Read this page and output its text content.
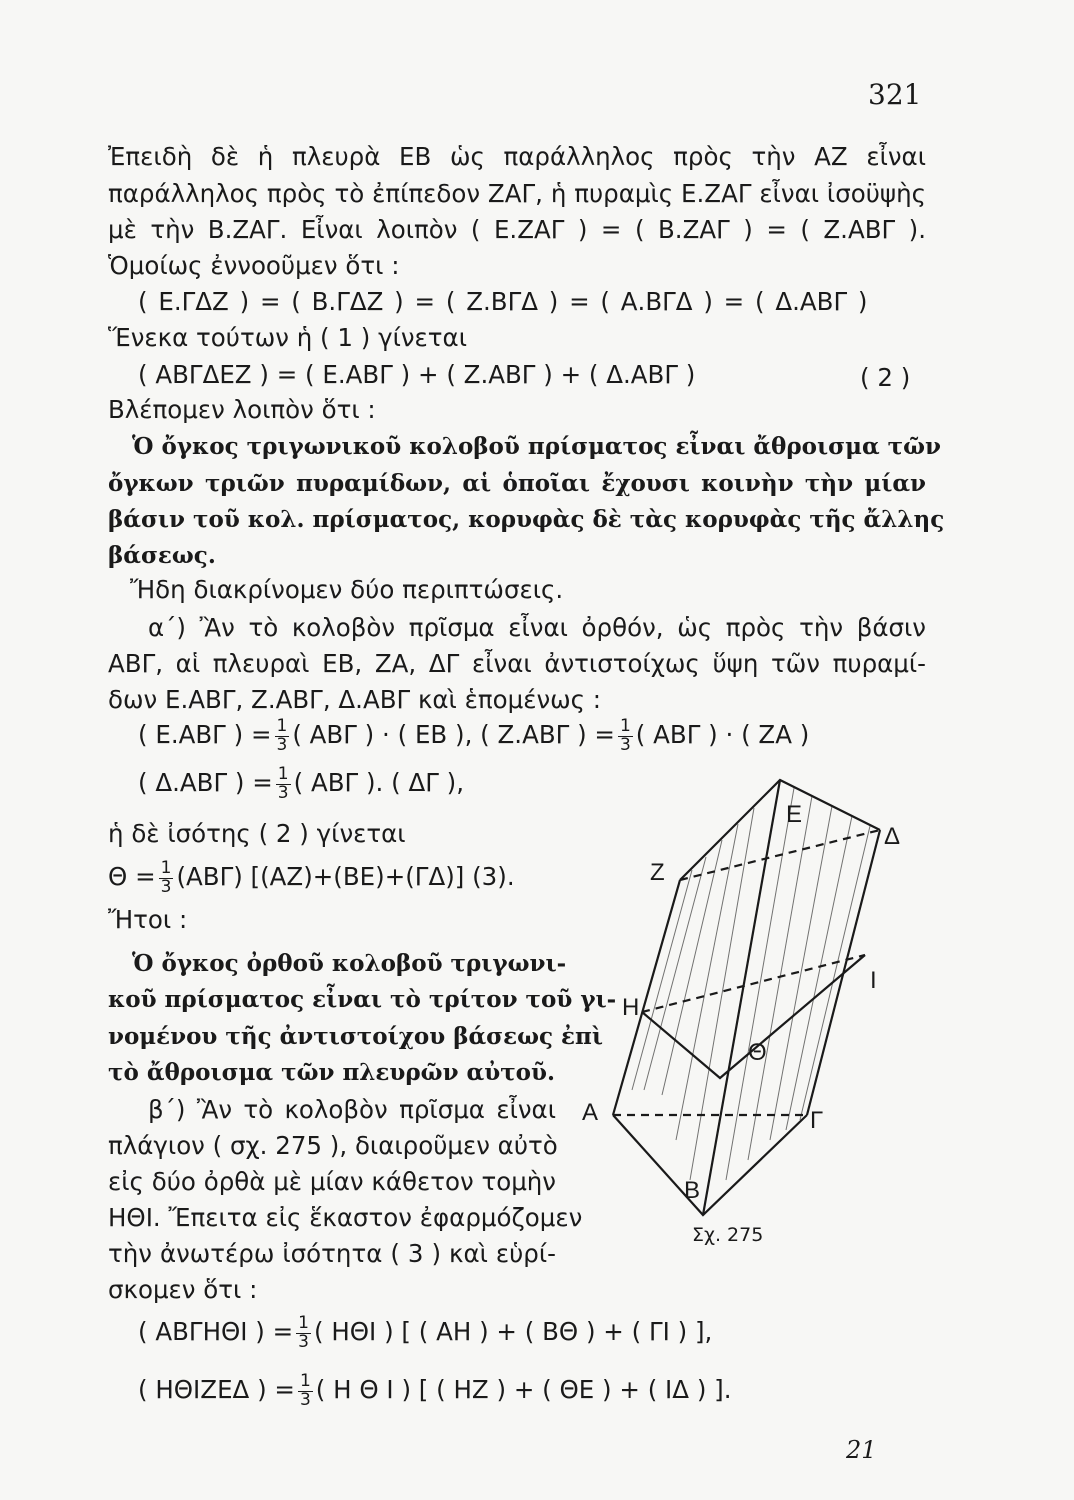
321
Ἐπειδὴ δὲ ἡ πλευρὰ ΕΒ ὡς παράλληλος πρὸς τὴν ΑΖ εἶναι
παράλληλος πρὸς τὸ ἐπίπεδον ΖΑΓ, ἡ πυραμὶς Ε.ΖΑΓ εἶναι ἰσοϋψὴς
μὲ τὴν Β.ΖΑΓ. Εἶναι λοιπὸν ( Ε.ΖΑΓ ) = ( Β.ΖΑΓ ) = ( Ζ.ΑΒΓ ).
Ὁμοίως ἐννοοῦμεν ὅτι :
( Ε.ΓΔΖ ) = ( Β.ΓΔΖ ) = ( Ζ.ΒΓΔ ) = ( Α.ΒΓΔ ) = ( Δ.ΑΒΓ )
Ἕνεκα τούτων ἡ ( 1 ) γίνεται
( ΑΒΓΔΕΖ ) = ( Ε.ΑΒΓ ) + ( Ζ.ΑΒΓ ) + ( Δ.ΑΒΓ )	( 2 )
Βλέπομεν λοιπὸν ὅτι :
Ὁ ὄγκος τριγωνικοῦ κολοβοῦ πρίσματος εἶναι ἄθροισμα τῶν
ὄγκων τριῶν πυραμίδων, αἱ ὁποῖαι ἔχουσι κοινὴν τὴν μίαν
βάσιν τοῦ κολ. πρίσματος, κορυφὰς δὲ τὰς κορυφὰς τῆς ἄλλης
βάσεως.
Ἤδη διακρίνομεν δύο περιπτώσεις.
α΄) Ἂν τὸ κολοβὸν πρῖσμα εἶναι ὀρθόν, ὡς πρὸς τὴν βάσιν
ΑΒΓ, αἱ πλευραὶ ΕΒ, ΖΑ, ΔΓ εἶναι ἀντιστοίχως ὕψη τῶν πυραμί-
δων Ε.ΑΒΓ, Ζ.ΑΒΓ, Δ.ΑΒΓ καὶ ἑπομένως :
( Ε.ΑΒΓ ) = $\frac{1}{3}$ ( ΑΒΓ ) · ( ΕΒ ), ( Ζ.ΑΒΓ ) = $\frac{1}{3}$ ( ΑΒΓ ) · ( ΖΑ )
( Δ.ΑΒΓ ) = $\frac{1}{3}$ ( ΑΒΓ ). ( ΔΓ ),
ἡ δὲ ἰσότης ( 2 ) γίνεται
$\Theta = \frac{1}{3} (AB\Gamma)$ [(ΑΖ)+(ΒΕ)+(ΓΔ)] (3).
Ἤτοι :
Ὁ ὄγκος ὀρθοῦ κολοβοῦ τριγωνι-
κοῦ πρίσματος εἶναι τὸ τρίτον τοῦ γι-
νομένου τῆς ἀντιστοίχου βάσεως ἐπὶ
τὸ ἄθροισμα τῶν πλευρῶν αὐτοῦ.
β΄) Ἂν τὸ κολοβὸν πρῖσμα εἶναι
πλάγιον ( σχ. 275 ), διαιροῦμεν αὐτὸ
εἰς δύο ὀρθὰ μὲ μίαν κάθετον τομὴν
ΗΘΙ. Ἔπειτα εἰς ἕκαστον ἐφαρμόζομεν
τὴν ἀνωτέρω ἰσότητα ( 3 ) καὶ εὑρί-
σκομεν ὅτι :
( ΑΒΓΗΘΙ ) = $\frac{1}{3}$ ( ΗΘΙ ) [ ( ΑΗ ) + ( ΒΘ ) + ( ΓΙ ) ],
( ΗΘΙΖΕΔ ) = $\frac{1}{3}$ ( Η Θ Ι ) [ ( ΗΖ ) + ( ΘΕ ) + ( ΙΔ ) ].
Ε
Δ
Ζ
Η
Ι
Θ
Α	Γ
Β
Σχ. 275
21
